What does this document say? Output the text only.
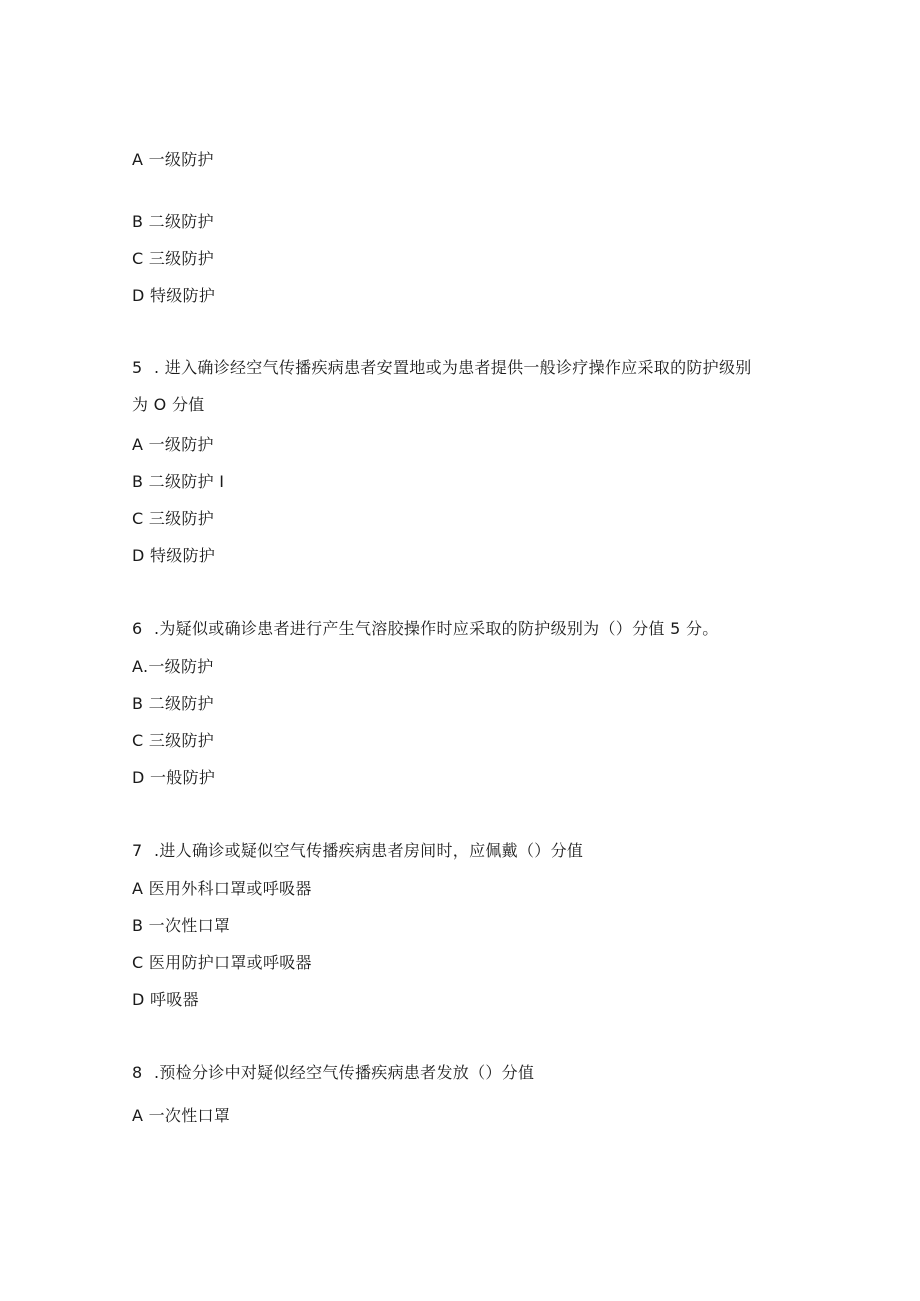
A 一级防护
B 二级防护
C 三级防护
D 特级防护
5 . 进入确诊经空气传播疾病患者安置地或为患者提供一般诊疗操作应采取的防护级别
为 O 分值
A 一级防护
B 二级防护 I
C 三级防护
D 特级防护
6 .为疑似或确诊患者进行产生气溶胶操作时应采取的防护级别为（）分值 5 分。
A.一级防护
B 二级防护
C 三级防护
D 一般防护
7 .进人确诊或疑似空气传播疾病患者房间时，应佩戴（）分值
A 医用外科口罩或呼吸器
B 一次性口罩
C 医用防护口罩或呼吸器
D 呼吸器
8 .预检分诊中对疑似经空气传播疾病患者发放（）分值
A 一次性口罩
